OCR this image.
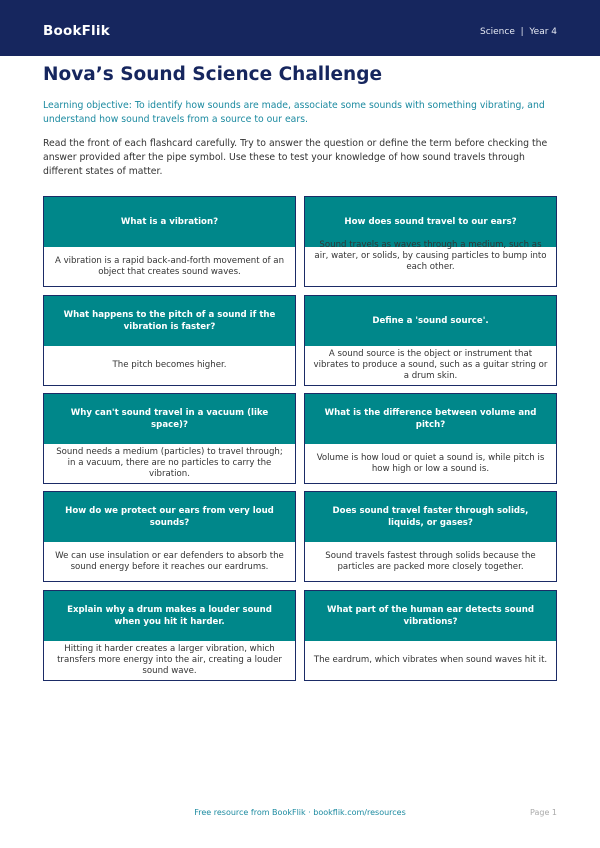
BookFlik	Science  |  Year 4
Nova’s Sound Science Challenge
Learning objective: To identify how sounds are made, associate some sounds with something vibrating, and understand how sound travels from a source to our ears.
Read the front of each flashcard carefully. Try to answer the question or define the term before checking the answer provided after the pipe symbol. Use these to test your knowledge of how sound travels through different states of matter.
What is a vibration?
A vibration is a rapid back-and-forth movement of an object that creates sound waves.
How does sound travel to our ears?
Sound travels as waves through a medium, such as air, water, or solids, by causing particles to bump into each other.
What happens to the pitch of a sound if the vibration is faster?
The pitch becomes higher.
Define a 'sound source'.
A sound source is the object or instrument that vibrates to produce a sound, such as a guitar string or a drum skin.
Why can't sound travel in a vacuum (like space)?
Sound needs a medium (particles) to travel through; in a vacuum, there are no particles to carry the vibration.
What is the difference between volume and pitch?
Volume is how loud or quiet a sound is, while pitch is how high or low a sound is.
How do we protect our ears from very loud sounds?
We can use insulation or ear defenders to absorb the sound energy before it reaches our eardrums.
Does sound travel faster through solids, liquids, or gases?
Sound travels fastest through solids because the particles are packed more closely together.
Explain why a drum makes a louder sound when you hit it harder.
Hitting it harder creates a larger vibration, which transfers more energy into the air, creating a louder sound wave.
What part of the human ear detects sound vibrations?
The eardrum, which vibrates when sound waves hit it.
Free resource from BookFlik · bookflik.com/resources	Page 1
